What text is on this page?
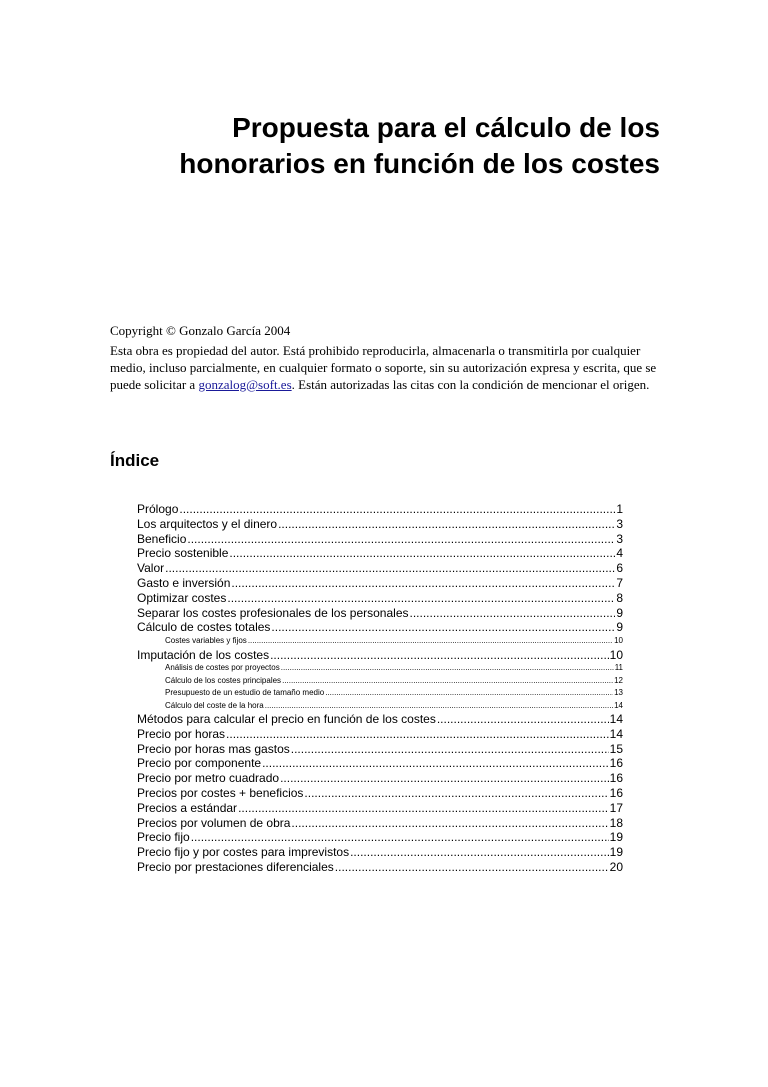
Propuesta para el cálculo de los
honorarios en función de los costes

Copyright © Gonzalo García 2004

Esta obra es propiedad del autor. Está prohibido reproducirla, almacenarla o transmitirla por cualquier medio, incluso parcialmente, en cualquier formato o soporte, sin su autorización expresa y escrita, que se puede solicitar a gonzalog@soft.es. Están autorizadas las citas con la condición de mencionar el origen.

Índice
Prólogo .....	1
Los arquitectos y el dinero .....	3
Beneficio .....	3
Precio sostenible .....	4
Valor .....	6
Gasto e inversión .....	7
Optimizar costes .....	8
Separar los costes profesionales de los personales .....	9
Cálculo de costes totales .....	9
Costes variables y fijos .....	10
Imputación de los costes .....	10
Análisis de costes por proyectos .....	11
Cálculo de los costes principales .....	12
Presupuesto de un estudio de tamaño medio .....	13
Cálculo del coste de la hora .....	14
Métodos para calcular el precio en función de los costes .....	14
Precio por horas .....	14
Precio por horas mas gastos .....	15
Precio por componente .....	16
Precio por metro cuadrado .....	16
Precios por costes + beneficios .....	16
Precios a estándar .....	17
Precios por volumen de obra .....	18
Precio fijo .....	19
Precio fijo y por costes para imprevistos .....	19
Precio por prestaciones diferenciales .....	20
